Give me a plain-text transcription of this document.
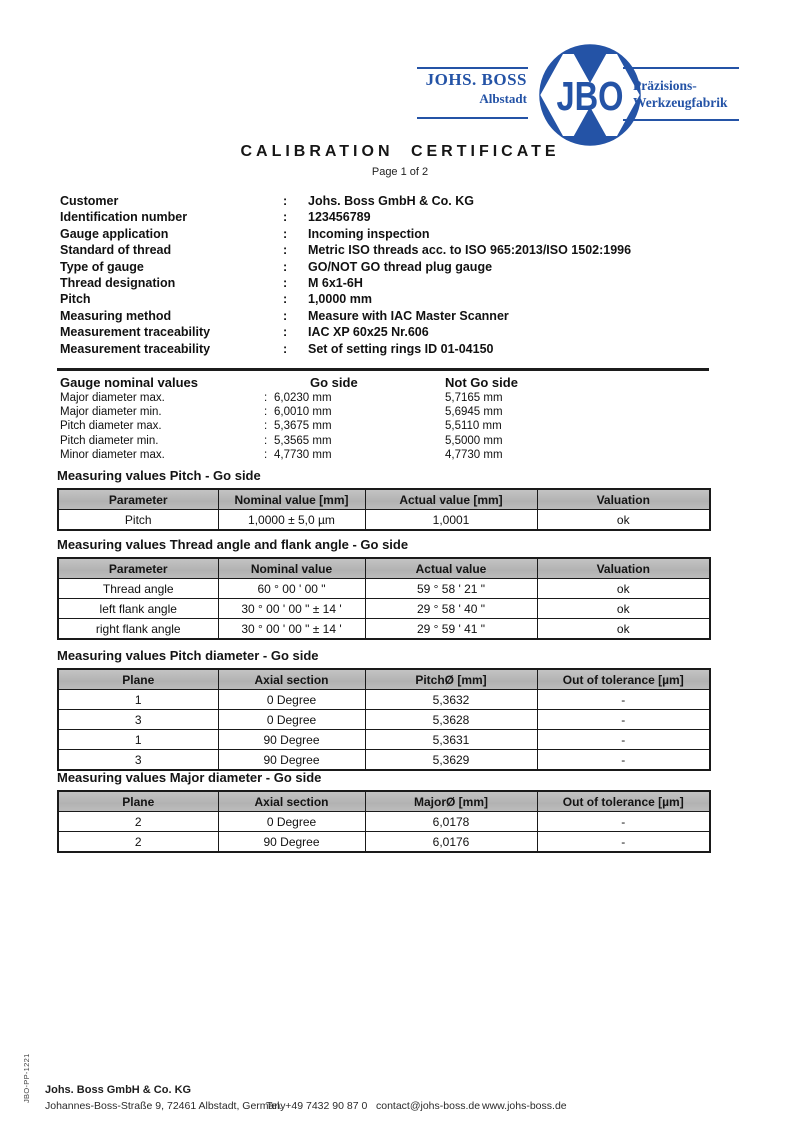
JOHS. BOSS
Albstadt JBO Präzisions-
Werkzeugfabrik
CALIBRATION CERTIFICATE
Page 1 of 2
Customer	: Johs. Boss GmbH & Co. KG
Identification number	: 123456789
Gauge application	: Incoming inspection
Standard of thread	: Metric ISO threads acc. to ISO 965:2013/ISO 1502:1996
Type of gauge	: GO/NOT GO thread plug gauge
Thread designation	: M 6x1-6H
Pitch	: 1,0000 mm
Measuring method	: Measure with IAC Master Scanner
Measurement traceability	: IAC XP 60x25 Nr.606
Measurement traceability	: Set of setting rings ID 01-04150
Gauge nominal values	Go side	Not Go side
Major diameter max.	: 6,0230 mm	5,7165 mm
Major diameter min.	: 6,0010 mm	5,6945 mm
Pitch diameter max.	: 5,3675 mm	5,5110 mm
Pitch diameter min.	: 5,3565 mm	5,5000 mm
Minor diameter max.	: 4,7730 mm	4,7730 mm
Measuring values Pitch - Go side
Parameter	Nominal value [mm]	Actual value [mm]	Valuation
Pitch	1,0000 ± 5,0 µm	1,0001	ok
Measuring values Thread angle and flank angle - Go side
Parameter	Nominal value	Actual value	Valuation
Thread angle	60 ° 00 ' 00 "	59 ° 58 ' 21 "	ok
left flank angle	30 ° 00 ' 00 " ± 14 '	29 ° 58 ' 40 "	ok
right flank angle	30 ° 00 ' 00 " ± 14 '	29 ° 59 ' 41 "	ok
Measuring values Pitch diameter - Go side
Plane	Axial section	PitchØ [mm]	Out of tolerance [µm]
1	0 Degree	5,3632	-
3	0 Degree	5,3628	-
1	90 Degree	5,3631	-
3	90 Degree	5,3629	-
Measuring values Major diameter - Go side
Plane	Axial section	MajorØ [mm]	Out of tolerance [µm]
2	0 Degree	6,0178	-
2	90 Degree	6,0176	-
JBO-PP-1221 Johs. Boss GmbH & Co. KG
Johannes-Boss-Straße 9, 72461 Albstadt, Germany
Tel. +49 7432 90 87 0 contact@johs-boss.de www.johs-boss.de
